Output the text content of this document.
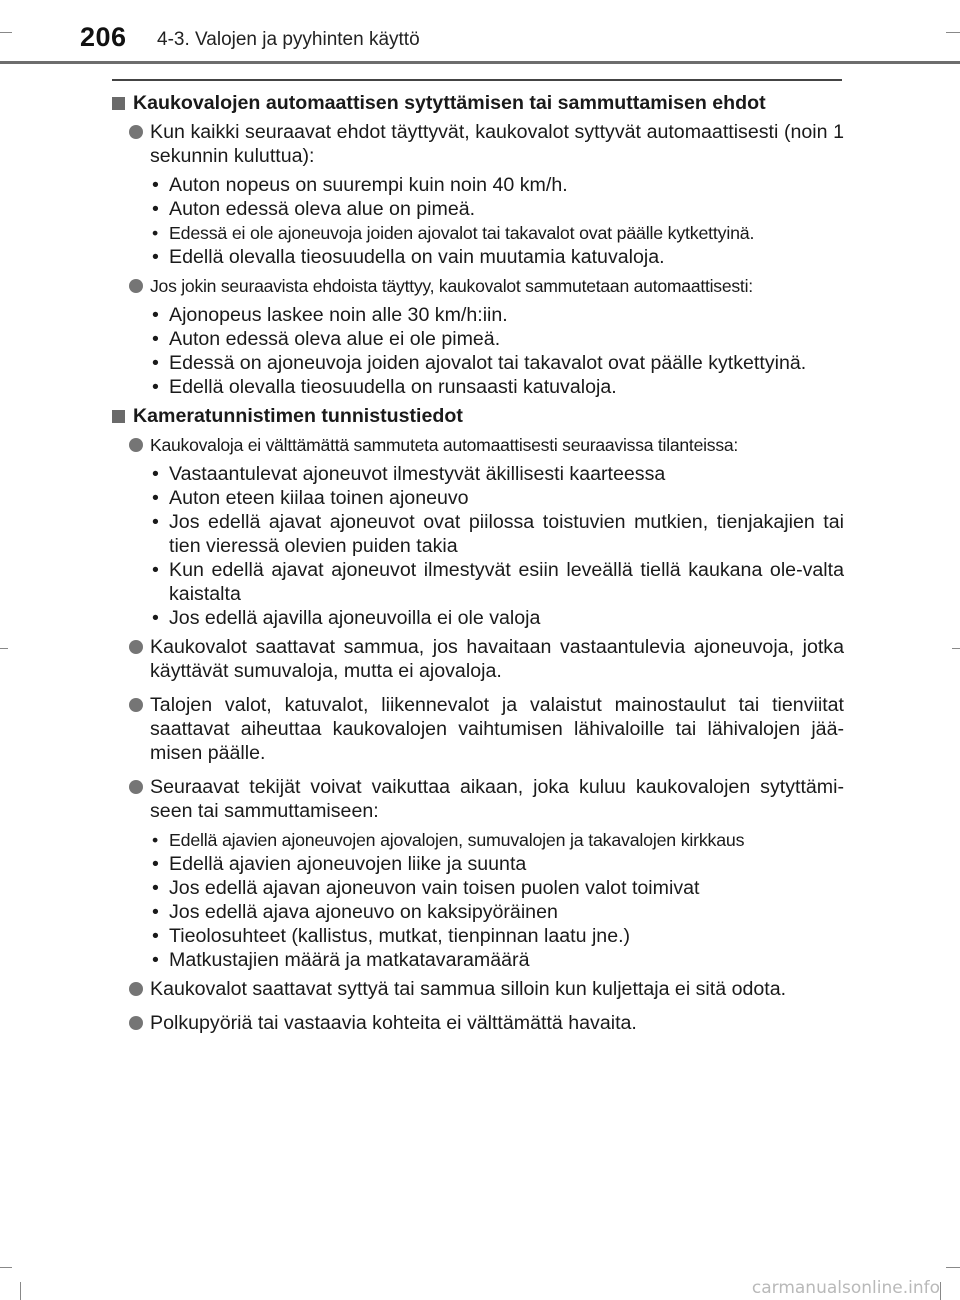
206 4-3. Valojen ja pyyhinten käyttö
Kaukovalojen automaattisen sytyttämisen tai sammuttamisen ehdot
Kun kaikki seuraavat ehdot täyttyvät, kaukovalot syttyvät automaattisesti (noin 1 sekunnin kuluttua):
• Auton nopeus on suurempi kuin noin 40 km/h.
• Auton edessä oleva alue on pimeä.
• Edessä ei ole ajoneuvoja joiden ajovalot tai takavalot ovat päälle kytkettyinä.
• Edellä olevalla tieosuudella on vain muutamia katuvaloja.
Jos jokin seuraavista ehdoista täyttyy, kaukovalot sammutetaan automaattisesti:
• Ajonopeus laskee noin alle 30 km/h:iin.
• Auton edessä oleva alue ei ole pimeä.
• Edessä on ajoneuvoja joiden ajovalot tai takavalot ovat päälle kytkettyinä.
• Edellä olevalla tieosuudella on runsaasti katuvaloja.
Kameratunnistimen tunnistustiedot
Kaukovaloja ei välttämättä sammuteta automaattisesti seuraavissa tilanteissa:
• Vastaantulevat ajoneuvot ilmestyvät äkillisesti kaarteessa
• Auton eteen kiilaa toinen ajoneuvo
• Jos edellä ajavat ajoneuvot ovat piilossa toistuvien mutkien, tienjakajien tai tien vieressä olevien puiden takia
• Kun edellä ajavat ajoneuvot ilmestyvät esiin leveällä tiellä kaukana ole-valta kaistalta
• Jos edellä ajavilla ajoneuvoilla ei ole valoja
Kaukovalot saattavat sammua, jos havaitaan vastaantulevia ajoneuvoja, jotka käyttävät sumuvaloja, mutta ei ajovaloja.
Talojen valot, katuvalot, liikennevalot ja valaistut mainostaulut tai tienviitat saattavat aiheuttaa kaukovalojen vaihtumisen lähivaloille tai lähivalojen jää-misen päälle.
Seuraavat tekijät voivat vaikuttaa aikaan, joka kuluu kaukovalojen sytyttämi-seen tai sammuttamiseen:
• Edellä ajavien ajoneuvojen ajovalojen, sumuvalojen ja takavalojen kirkkaus
• Edellä ajavien ajoneuvojen liike ja suunta
• Jos edellä ajavan ajoneuvon vain toisen puolen valot toimivat
• Jos edellä ajava ajoneuvo on kaksipyöräinen
• Tieolosuhteet (kallistus, mutkat, tienpinnan laatu jne.)
• Matkustajien määrä ja matkatavaramäärä
Kaukovalot saattavat syttyä tai sammua silloin kun kuljettaja ei sitä odota.
Polkupyöriä tai vastaavia kohteita ei välttämättä havaita.
carmanualsonline.info
